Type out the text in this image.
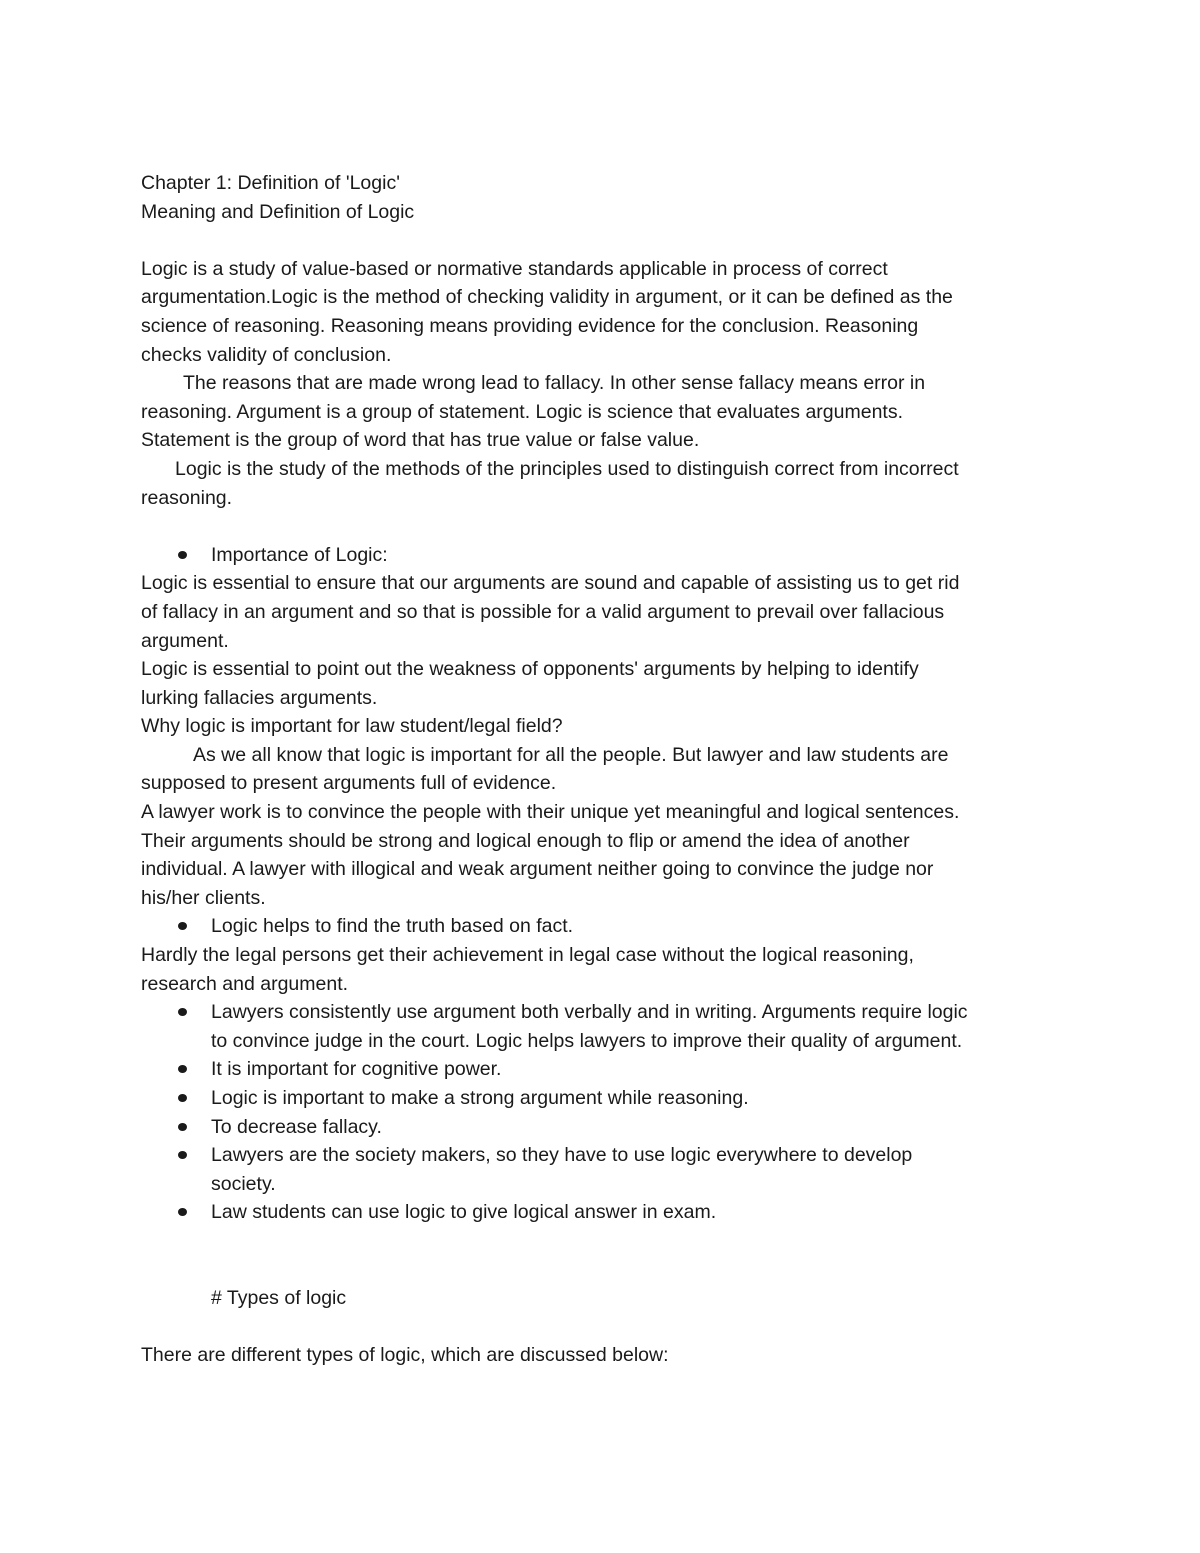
Chapter 1: Definition of 'Logic'
Meaning and Definition of Logic
Logic is a study of value-based or normative standards applicable in process of correct
argumentation.Logic is the method of checking validity in argument, or it can be defined as the
science of reasoning. Reasoning means providing evidence for the conclusion. Reasoning
checks validity of conclusion.
The reasons that are made wrong lead to fallacy. In other sense fallacy means error in
reasoning. Argument is a group of statement. Logic is science that evaluates arguments.
Statement is the group of word that has true value or false value.
Logic is the study of the methods of the principles used to distinguish correct from incorrect
reasoning.
Importance of Logic:
Logic is essential to ensure that our arguments are sound and capable of assisting us to get rid
of fallacy in an argument and so that is possible for a valid argument to prevail over fallacious
argument.
Logic is essential to point out the weakness of opponents' arguments by helping to identify
lurking fallacies arguments.
Why logic is important for law student/legal field?
As we all know that logic is important for all the people. But lawyer and law students are
supposed to present arguments full of evidence.
A lawyer work is to convince the people with their unique yet meaningful and logical sentences.
Their arguments should be strong and logical enough to flip or amend the idea of another
individual. A lawyer with illogical and weak argument neither going to convince the judge nor
his/her clients.
Logic helps to find the truth based on fact.
Hardly the legal persons get their achievement in legal case without the logical reasoning,
research and argument.
Lawyers consistently use argument both verbally and in writing. Arguments require logic
to convince judge in the court. Logic helps lawyers to improve their quality of argument.
It is important for cognitive power.
Logic is important to make a strong argument while reasoning.
To decrease fallacy.
Lawyers are the society makers, so they have to use logic everywhere to develop
society.
Law students can use logic to give logical answer in exam.
# Types of logic
There are different types of logic, which are discussed below:
